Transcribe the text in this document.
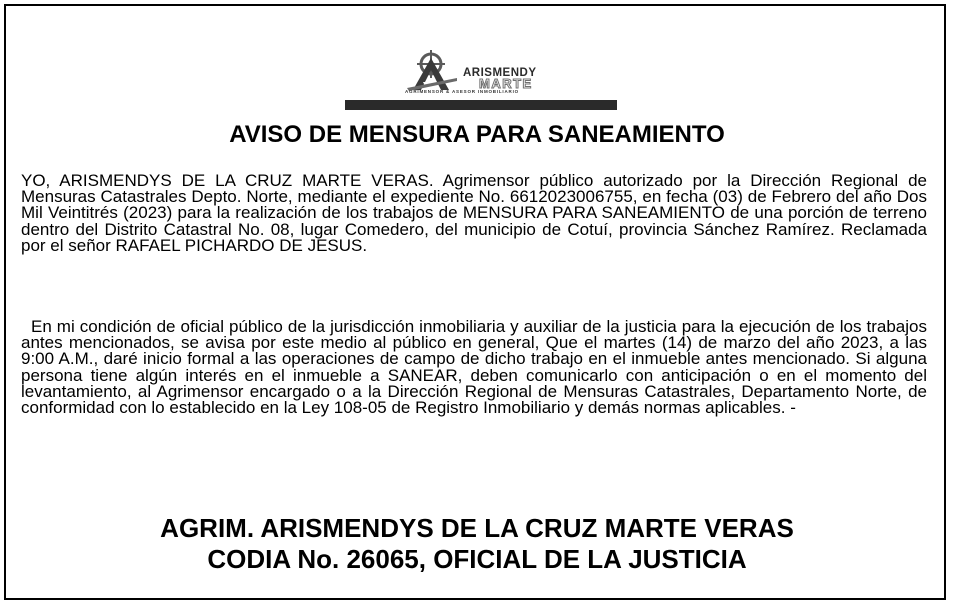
ARISMENDY
MARTE
AGRIMENSOR & ASESOR INMOBILIARIO
AVISO DE MENSURA PARA SANEAMIENTO

YO, ARISMENDYS DE LA CRUZ MARTE VERAS. Agrimensor público autorizado por la Dirección Regional de Mensuras Catastrales Depto. Norte, mediante el expediente No. 6612023006755, en fecha (03) de Febrero del año Dos Mil Veintitrés (2023) para la realización de los trabajos de MENSURA PARA SANEAMIENTO de una porción de terreno dentro del Distrito Catastral No. 08, lugar Comedero, del municipio de Cotuí, provincia Sánchez Ramírez. Reclamada por el señor RAFAEL PICHARDO DE JESUS.

En mi condición de oficial público de la jurisdicción inmobiliaria y auxiliar de la justicia para la ejecución de los trabajos antes mencionados, se avisa por este medio al público en general, Que el martes (14) de marzo del año 2023, a las 9:00 A.M., daré inicio formal a las operaciones de campo de dicho trabajo en el inmueble antes mencionado. Si alguna persona tiene algún interés en el inmueble a SANEAR, deben comunicarlo con anticipación o en el momento del levantamiento, al Agrimensor encargado o a la Dirección Regional de Mensuras Catastrales, Departamento Norte, de conformidad con lo establecido en la Ley 108-05 de Registro Inmobiliario y demás normas aplicables. -

AGRIM. ARISMENDYS DE LA CRUZ MARTE VERAS
CODIA No. 26065, OFICIAL DE LA JUSTICIA
